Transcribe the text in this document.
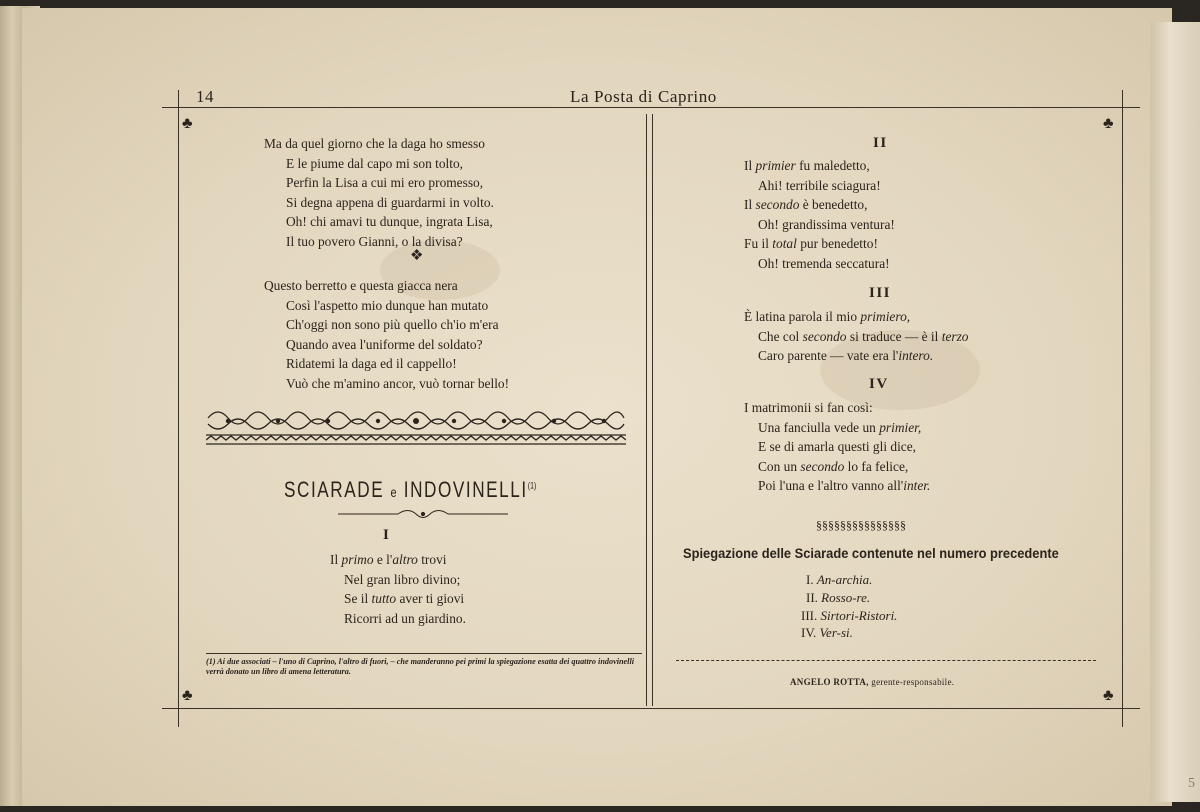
5
14	La Posta di Caprino
♣	♣
♣	♣
Ma da quel giorno che la daga ho smesso
E le piume dal capo mi son tolto,
Perfin la Lisa a cui mi ero promesso,
Si degna appena di guardarmi in volto.
Oh! chi amavi tu dunque, ingrata Lisa,
Il tuo povero Gianni, o la divisa?
❖
Questo berretto e questa giacca nera
Così l'aspetto mio dunque han mutato
Ch'oggi non sono più quello ch'io m'era
Quando avea l'uniforme del soldato?
Ridatemi la daga ed il cappello!
Vuò che m'amino ancor, vuò tornar bello!
SCIARADE e INDOVINELLI$^{(1)}$
I
Il primo e l'altro trovi
Nel gran libro divino;
Se il tutto aver ti giovi
Ricorri ad un giardino.
(1) Ai due associati – l'uno di Caprino, l'altro di fuori, – che manderanno pei primi la spiegazione esatta dei quattro indovinelli verrà donato un libro di amena letteratura.
II
Il primier fu maledetto,
Ahi! terribile sciagura!
Il secondo è benedetto,
Oh! grandissima ventura!
Fu il total pur benedetto!
Oh! tremenda seccatura!
III
È latina parola il mio primiero,
Che col secondo si traduce — è il terzo
Caro parente — vate era l'intero.
IV
I matrimonii si fan così:
Una fanciulla vede un primier,
E se di amarla questi gli dice,
Con un secondo lo fa felice,
Poi l'una e l'altro vanno all'inter.
§§§§§§§§§§§§§§§
Spiegazione delle Sciarade contenute nel numero precedente
I. An-archia.
II. Rosso-re.
III. Sirtori-Ristori.
IV. Ver-si.
ANGELO ROTTA, gerente-responsabile.
